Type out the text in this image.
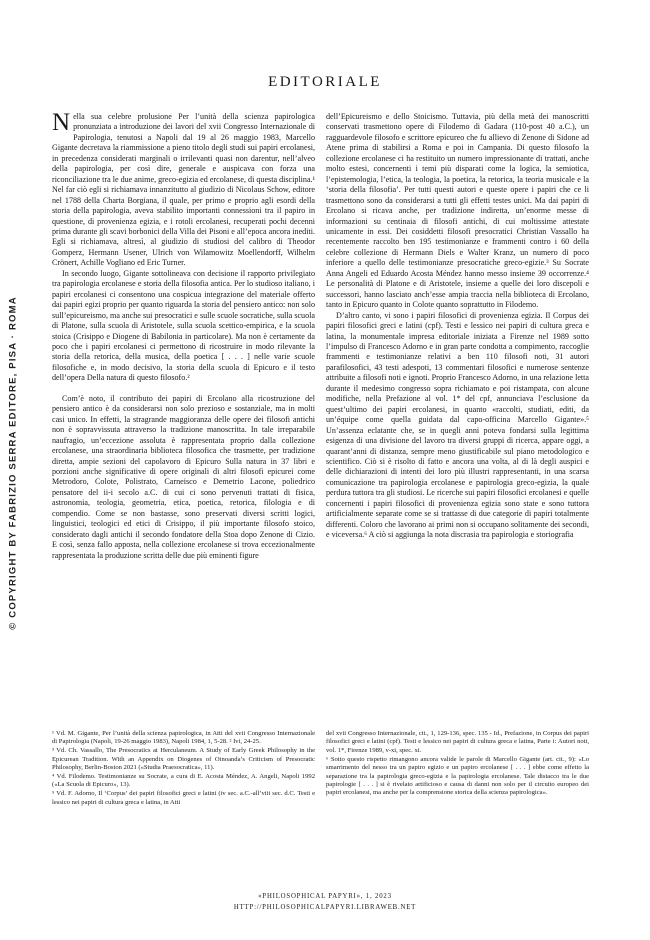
© COPYRIGHT BY FABRIZIO SERRA EDITORE, PISA · ROMA
EDITORIALE

Nella sua celebre prolusione Per l’unità della scienza papirologica pronunziata a introduzione dei lavori del xvii Congresso Internazionale di Papirologia, tenutosi a Napoli dal 19 al 26 maggio 1983, Marcello Gigante decretava la riammissione a pieno titolo degli studi sui papiri ercolanesi, in precedenza considerati marginali o irrilevanti quasi non darentur, nell’alveo della papirologia, per così dire, generale e auspicava con forza una riconciliazione tra le due anime, greco-egizia ed ercolanese, di questa disciplina.¹ Nel far ciò egli si richiamava innanzitutto al giudizio di Nicolaus Schow, editore nel 1788 della Charta Borgiana, il quale, per primo e proprio agli esordi della storia della papirologia, aveva stabilito importanti connessioni tra il papiro in questione, di provenienza egizia, e i rotoli ercolanesi, recuperati pochi decenni prima durante gli scavi borbonici della Villa dei Pisoni e all’epoca ancora inediti. Egli si richiamava, altresì, al giudizio di studiosi del calibro di Theodor Gomperz, Hermann Usener, Ulrich von Wilamowitz Moellendorff, Wilhelm Crönert, Achille Vogliano ed Eric Turner.

In secondo luogo, Gigante sottolineava con decisione il rapporto privilegiato tra papirologia ercolanese e storia della filosofia antica. Per lo studioso italiano, i papiri ercolanesi ci consentono una cospicua integrazione del materiale offerto dai papiri egizi proprio per quanto riguarda la storia del pensiero antico: non solo sull’epicureismo, ma anche sui presocratici e sulle scuole socratiche, sulla scuola di Platone, sulla scuola di Aristotele, sulla scuola scettico-empirica, e la scuola stoica (Crisippo e Diogene di Babilonia in particolare). Ma non è certamente da poco che i papiri ercolanesi ci permettono di ricostruire in modo rilevante la storia della retorica, della musica, della poetica [ . . . ] nelle varie scuole filosofiche e, in modo decisivo, la storia della scuola di Epicuro e il testo dell’opera Della natura di questo filosofo.²

Com’è noto, il contributo dei papiri di Ercolano alla ricostruzione del pensiero antico è da considerarsi non solo prezioso e sostanziale, ma in molti casi unico. In effetti, la stragrande maggioranza delle opere dei filosofi antichi non è sopravvissuta attraverso la tradizione manoscritta. In tale irreparabile naufragio, un’eccezione assoluta è rappresentata proprio dalla collezione ercolanese, una straordinaria biblioteca filosofica che trasmette, per tradizione diretta, ampie sezioni del capolavoro di Epicuro Sulla natura in 37 libri e porzioni anche significative di opere originali di altri filosofi epicurei come Metrodoro, Colote, Polistrato, Carneisco e Demetrio Lacone, poliedrico pensatore del ii-i secolo a.C. di cui ci sono pervenuti trattati di fisica, astronomia, teologia, geometria, etica, poetica, retorica, filologia e di compendio. Come se non bastasse, sono preservati diversi scritti logici, linguistici, teologici ed etici di Crisippo, il più importante filosofo stoico, considerato dagli antichi il secondo fondatore della Stoa dopo Zenone di Cizio. E così, senza fallo apposta, nella collezione ercolanese si trova eccezionalmente rappresentata la produzione scritta delle due più eminenti figure

dell’Epicureismo e dello Stoicismo. Tuttavia, più della metà dei manoscritti conservati trasmettono opere di Filodemo di Gadara (110-post 40 a.C.), un ragguardevole filosofo e scrittore epicureo che fu allievo di Zenone di Sidone ad Atene prima di stabilirsi a Roma e poi in Campania. Di questo filosofo la collezione ercolanese ci ha restituito un numero impressionante di trattati, anche molto estesi, concernenti i temi più disparati come la logica, la semiotica, l’epistemologia, l’etica, la teologia, la poetica, la retorica, la teoria musicale e la ‘storia della filosofia’. Per tutti questi autori e queste opere i papiri che ce li trasmettono sono da considerarsi a tutti gli effetti testes unici. Ma dai papiri di Ercolano si ricava anche, per tradizione indiretta, un’enorme messe di informazioni su centinaia di filosofi antichi, di cui moltissime attestate unicamente in essi. Dei cosiddetti filosofi presocratici Christian Vassallo ha recentemente raccolto ben 195 testimonianze e frammenti contro i 60 della celebre collezione di Hermann Diels e Walter Kranz, un numero di poco inferiore a quello delle testimonianze presocratiche greco-egizie.³ Su Socrate Anna Angeli ed Eduardo Acosta Méndez hanno messo insieme 39 occorrenze.⁴ Le personalità di Platone e di Aristotele, insieme a quelle dei loro discepoli e successori, hanno lasciato anch’esse ampia traccia nella biblioteca di Ercolano, tanto in Epicuro quanto in Colote quanto soprattutto in Filodemo.

D’altro canto, vi sono i papiri filosofici di provenienza egizia. Il Corpus dei papiri filosofici greci e latini (cpf). Testi e lessico nei papiri di cultura greca e latina, la monumentale impresa editoriale iniziata a Firenze nel 1989 sotto l’impulso di Francesco Adorno e in gran parte condotta a compimento, raccoglie frammenti e testimonianze relativi a ben 110 filosofi noti, 31 autori parafilosofici, 43 testi adespoti, 13 commentari filosofici e numerose sentenze attribuite a filosofi noti e ignoti. Proprio Francesco Adorno, in una relazione letta durante il medesimo congresso sopra richiamato e poi ristampata, con alcune modifiche, nella Prefazione al vol. 1* del cpf, annunciava l’esclusione da quest’ultimo dei papiri ercolanesi, in quanto «raccolti, studiati, editi, da un’équipe come quella guidata dal capo-officina Marcello Gigante».⁵ Un’assenza eclatante che, se in quegli anni poteva fondarsi sulla legittima esigenza di una divisione del lavoro tra diversi gruppi di ricerca, appare oggi, a quarant’anni di distanza, sempre meno giustificabile sul piano metodologico e scientifico. Ciò si è risolto di fatto e ancora una volta, al di là degli auspici e delle dichiarazioni di intenti dei loro più illustri rappresentanti, in una scarsa comunicazione tra papirologia ercolanese e papirologia greco-egizia, la quale perdura tuttora tra gli studiosi. Le ricerche sui papiri filosofici ercolanesi e quelle concernenti i papiri filosofici di provenienza egizia sono state e sono tuttora artificialmente separate come se si trattasse di due categorie di papiri totalmente differenti. Coloro che lavorano ai primi non si occupano solitamente dei secondi, e viceversa.⁶ A ciò si aggiunga la nota discrasia tra papirologia e storiografia

¹ Vd. M. Gigante, Per l’unità della scienza papirologica, in Atti del xvii Congresso Internazionale di Papirologia (Napoli, 19-26 maggio 1983), Napoli 1984, 1, 5-28. ² Ivi, 24-25.

³ Vd. Ch. Vassallo, The Presocratics at Herculaneum. A Study of Early Greek Philosophy in the Epicurean Tradition. With an Appendix on Diogenes of Oinoanda’s Criticism of Presocratic Philosophy, Berlin-Boston 2021 («Studia Praesocratica», 11).

⁴ Vd. Filodemo. Testimonianze su Socrate, a cura di E. Acosta Méndez, A. Angeli, Napoli 1992 («La Scuola di Epicuro», 13).

⁵ Vd. F. Adorno, Il ‘Corpus’ dei papiri filosofici greci e latini (iv sec. a.C.-all’viii sec. d.C. Testi e lessico nei papiri di cultura greca e latina, in Atti

del xvii Congresso Internazionale, cit., 1, 129-136, spec. 135 - Id., Prefazione, in Corpus dei papiri filosofici greci e latini (cpf). Testi e lessico nei papiri di cultura greca e latina, Parte i: Autori noti, vol. 1*, Firenze 1989, v-xi, spec. xi.

⁶ Sotto questo rispetto rimangono ancora valide le parole di Marcello Gigante (art. cit., 9): «Lo smarrimento del nesso tra un papiro egizio e un papiro ercolanese [ . . . ] ebbe come effetto la separazione tra la papirologia greco-egizia e la papirologia ercolanese. Tale distacco tra le due papirologie [ . . . ] si è rivelato artificioso e causa di danni non solo per il circuito europeo dei papiri ercolanesi, ma anche per la comprensione storica della scienza papirologica».

«PHILOSOPHICAL PAPYRI», 1, 2023
HTTP://PHILOSOPHICALPAPYRI.LIBRAWEB.NET
